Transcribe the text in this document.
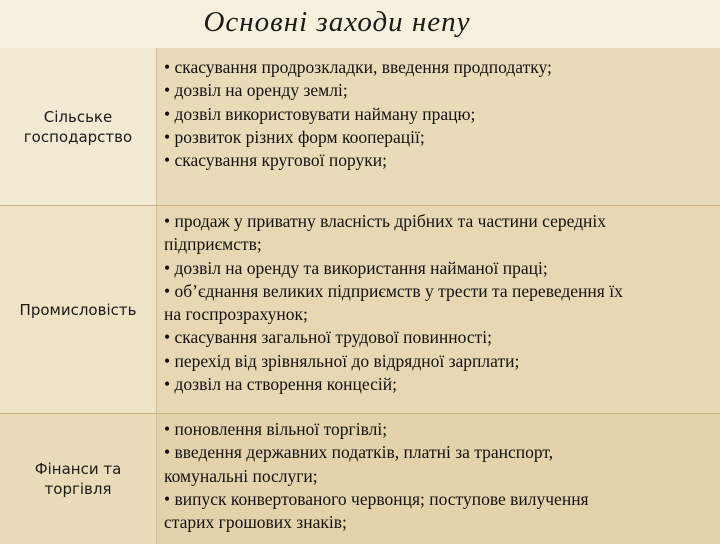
Основні заходи непу
Сільське
господарство
• скасування продрозкладки, введення продподатку;
• дозвіл на оренду землі;
• дозвіл використовувати найману працю;
• розвиток різних форм кооперації;
• скасування кругової поруки;
Промисловість
• продаж у приватну власність дрібних та частини середніх
підприємств;
• дозвіл на оренду та використання найманої праці;
• об’єднання великих підприємств у трести та переведення їх
на госпрозрахунок;
• скасування загальної трудової повинності;
• перехід від зрівняльної до відрядної зарплати;
• дозвіл на створення концесій;
Фінанси та
торгівля
• поновлення вільної торгівлі;
• введення державних податків, платні за транспорт,
комунальні послуги;
• випуск конвертованого червонця; поступове вилучення
старих грошових знаків;
